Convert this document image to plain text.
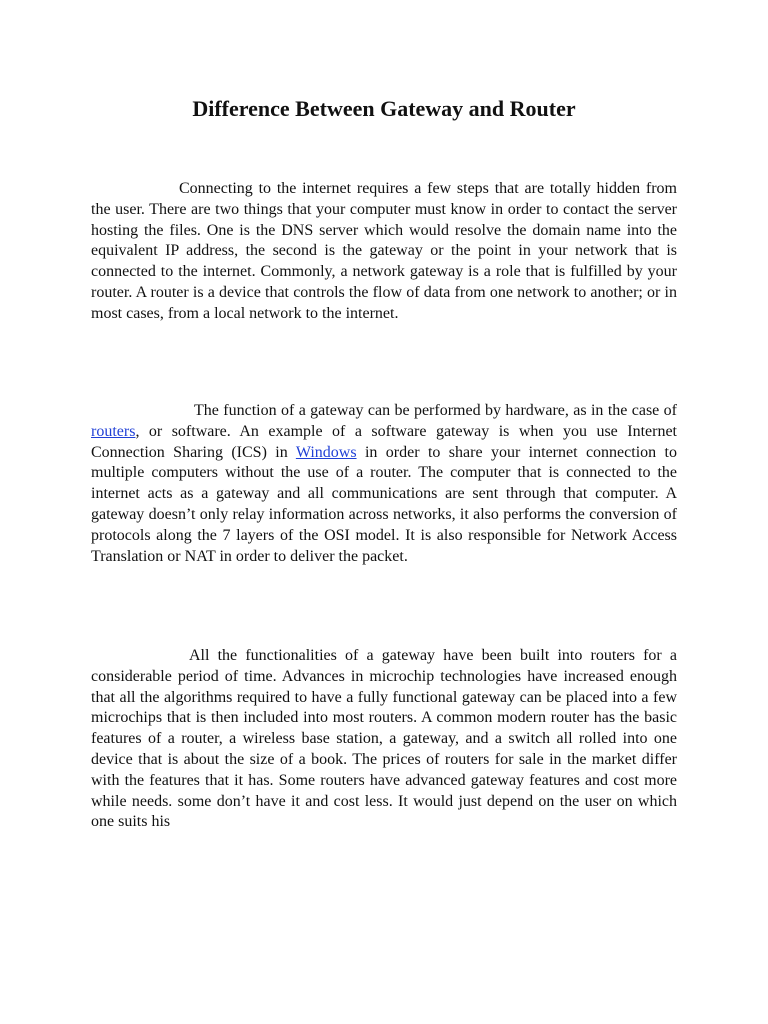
Difference Between Gateway and Router

Connecting to the internet requires a few steps that are totally hidden from the user. There are two things that your computer must know in order to contact the server hosting the files. One is the DNS server which would resolve the domain name into the equivalent IP address, the second is the gateway or the point in your network that is connected to the internet. Commonly, a network gateway is a role that is fulfilled by your router. A router is a device that controls the flow of data from one network to another; or in most cases, from a local network to the internet.

The function of a gateway can be performed by hardware, as in the case of routers, or software. An example of a software gateway is when you use Internet Connection Sharing (ICS) in Windows in order to share your internet connection to multiple computers without the use of a router. The computer that is connected to the internet acts as a gateway and all communications are sent through that computer. A gateway doesn’t only relay information across networks, it also performs the conversion of protocols along the 7 layers of the OSI model. It is also responsible for Network Access Translation or NAT in order to deliver the packet.

All the functionalities of a gateway have been built into routers for a considerable period of time. Advances in microchip technologies have increased enough that all the algorithms required to have a fully functional gateway can be placed into a few microchips that is then included into most routers. A common modern router has the basic features of a router, a wireless base station, a gateway, and a switch all rolled into one device that is about the size of a book. The prices of routers for sale in the market differ with the features that it has. Some routers have advanced gateway features and cost more while needs. some don’t have it and cost less. It would just depend on the user on which one suits his
